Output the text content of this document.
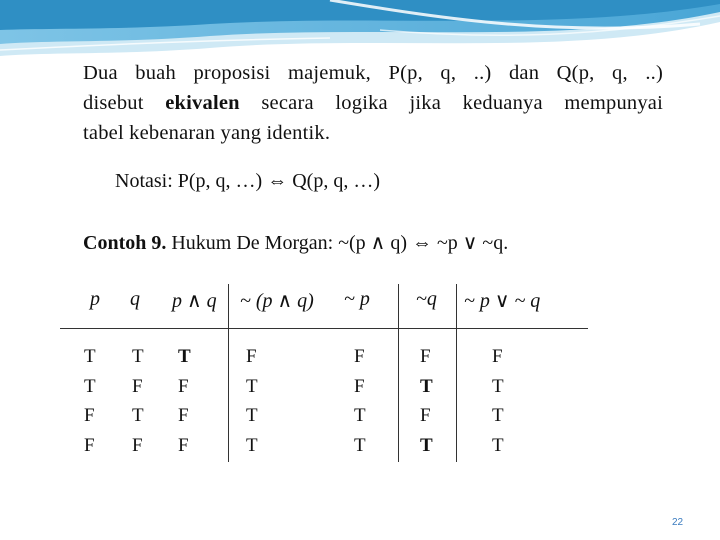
Dua buah proposisi majemuk, P(p, q, ..) dan Q(p, q, ..)
disebut ekivalen secara logika jika keduanya mempunyai
tabel kebenaran yang identik.
Notasi: P(p, q, …) ⇔ Q(p, q, …)
Contoh 9. Hukum De Morgan: ~(p ∧ q) ⇔ ~p ∨ ~q.
p q p ∧ q ~ (p ∧ q) ~ p ~q ~ p ∨ ~ q
T
T
F
F
T
F
T
F
T
F
F
F
F
T
T
T
F
F
T
T
F
T
F
T
F
T
T
T
22
